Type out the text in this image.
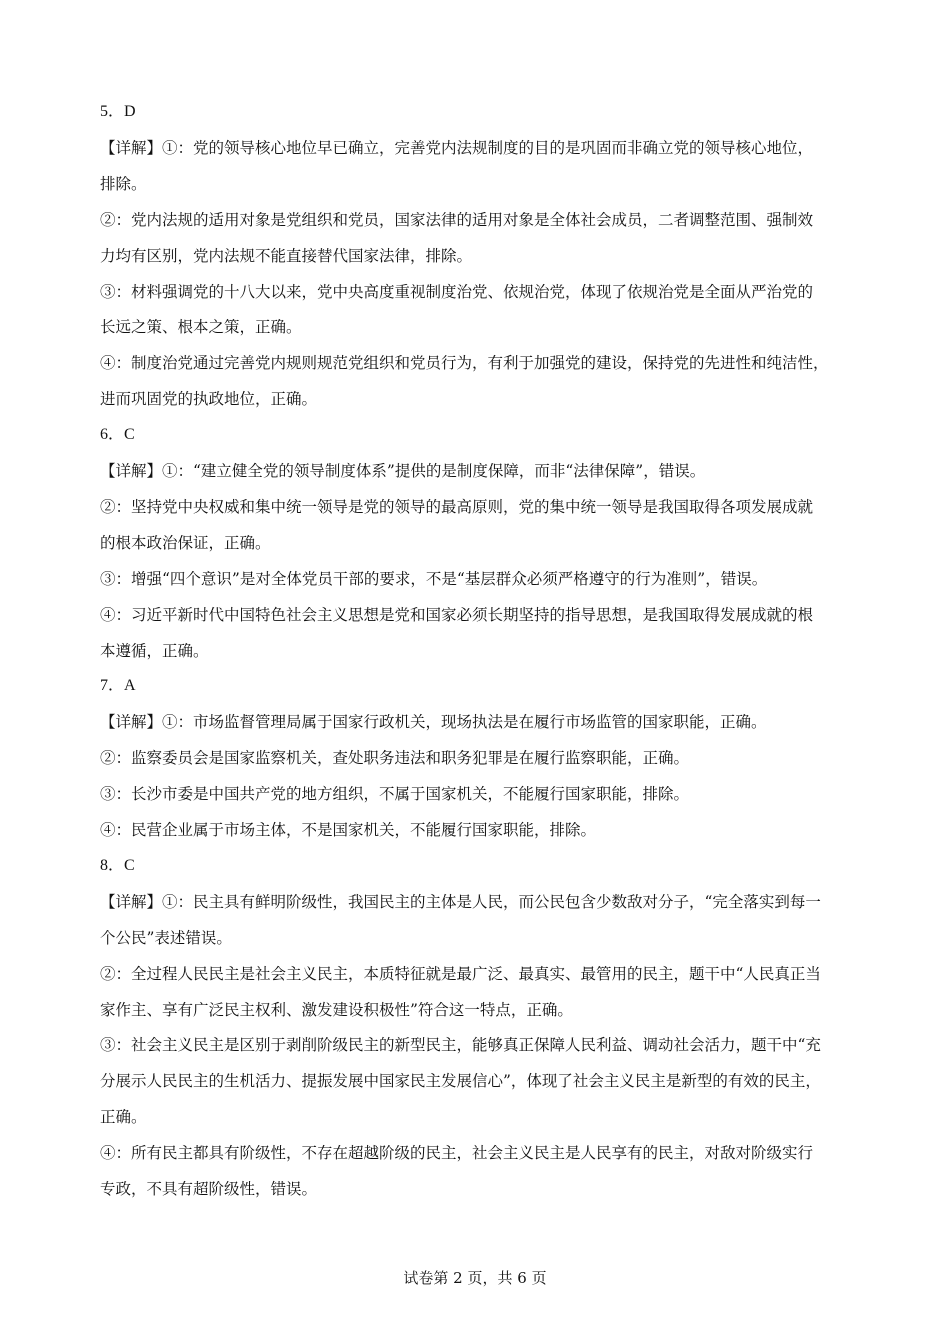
5．D
【详解】①：党的领导核心地位早已确立，完善党内法规制度的目的是巩固而非确立党的领导核心地位，
排除。
②：党内法规的适用对象是党组织和党员，国家法律的适用对象是全体社会成员，二者调整范围、强制效
力均有区别，党内法规不能直接替代国家法律，排除。
③：材料强调党的十八大以来，党中央高度重视制度治党、依规治党，体现了依规治党是全面从严治党的
长远之策、根本之策，正确。
④：制度治党通过完善党内规则规范党组织和党员行为，有利于加强党的建设，保持党的先进性和纯洁性，
进而巩固党的执政地位，正确。
6．C
【详解】①：“建立健全党的领导制度体系”提供的是制度保障，而非“法律保障”，错误。
②：坚持党中央权威和集中统一领导是党的领导的最高原则，党的集中统一领导是我国取得各项发展成就
的根本政治保证，正确。
③：增强“四个意识”是对全体党员干部的要求，不是“基层群众必须严格遵守的行为准则”，错误。
④：习近平新时代中国特色社会主义思想是党和国家必须长期坚持的指导思想，是我国取得发展成就的根
本遵循，正确。
7．A
【详解】①：市场监督管理局属于国家行政机关，现场执法是在履行市场监管的国家职能，正确。
②：监察委员会是国家监察机关，查处职务违法和职务犯罪是在履行监察职能，正确。
③：长沙市委是中国共产党的地方组织，不属于国家机关，不能履行国家职能，排除。
④：民营企业属于市场主体，不是国家机关，不能履行国家职能，排除。
8．C
【详解】①：民主具有鲜明阶级性，我国民主的主体是人民，而公民包含少数敌对分子，“完全落实到每一
个公民”表述错误。
②：全过程人民民主是社会主义民主，本质特征就是最广泛、最真实、最管用的民主，题干中“人民真正当
家作主、享有广泛民主权利、激发建设积极性”符合这一特点，正确。
③：社会主义民主是区别于剥削阶级民主的新型民主，能够真正保障人民利益、调动社会活力，题干中“充
分展示人民民主的生机活力、提振发展中国家民主发展信心”，体现了社会主义民主是新型的有效的民主，
正确。
④：所有民主都具有阶级性，不存在超越阶级的民主，社会主义民主是人民享有的民主，对敌对阶级实行
专政，不具有超阶级性，错误。
试卷第 2 页，共 6 页
